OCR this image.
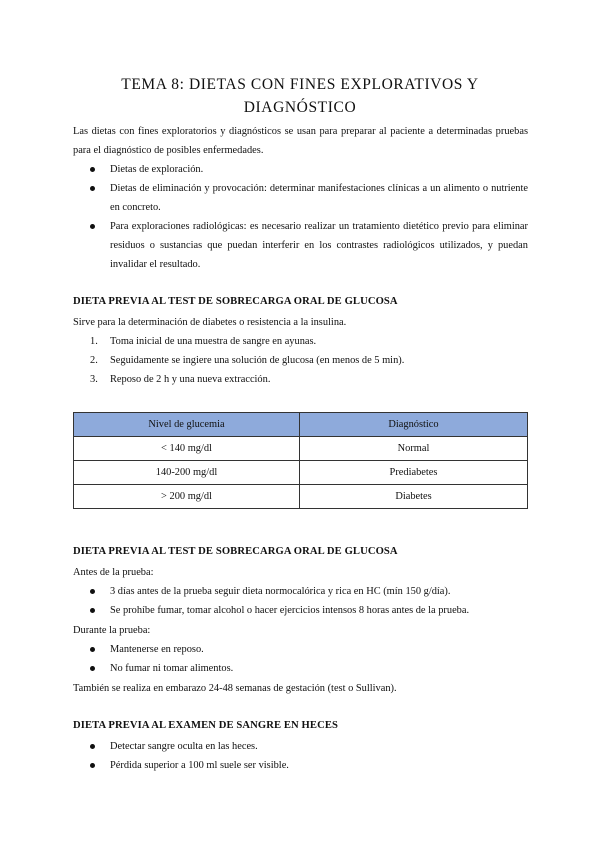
TEMA 8: DIETAS CON FINES EXPLORATIVOS Y
DIAGNÓSTICO
Las dietas con fines exploratorios y diagnósticos se usan para preparar al paciente a determinadas pruebas para el diagnóstico de posibles enfermedades.
Dietas de exploración.
Dietas de eliminación y provocación: determinar manifestaciones clínicas a un alimento o nutriente en concreto.
Para exploraciones radiológicas: es necesario realizar un tratamiento dietético previo para eliminar residuos o sustancias que puedan interferir en los contrastes radiológicos utilizados, y puedan invalidar el resultado.
DIETA PREVIA AL TEST DE SOBRECARGA ORAL DE GLUCOSA
Sirve para la determinación de diabetes o resistencia a la insulina.
1. Toma inicial de una muestra de sangre en ayunas.
2. Seguidamente se ingiere una solución de glucosa (en menos de 5 min).
3. Reposo de 2 h y una nueva extracción.
Nivel de glucemia	Diagnóstico
< 140 mg/dl	Normal
140-200 mg/dl	Prediabetes
> 200 mg/dl	Diabetes
DIETA PREVIA AL TEST DE SOBRECARGA ORAL DE GLUCOSA
Antes de la prueba:
3 días antes de la prueba seguir dieta normocalórica y rica en HC (mín 150 g/día).
Se prohíbe fumar, tomar alcohol o hacer ejercicios intensos 8 horas antes de la prueba.
Durante la prueba:
Mantenerse en reposo.
No fumar ni tomar alimentos.
También se realiza en embarazo 24-48 semanas de gestación (test o Sullivan).
DIETA PREVIA AL EXAMEN DE SANGRE EN HECES
Detectar sangre oculta en las heces.
Pérdida superior a 100 ml suele ser visible.
